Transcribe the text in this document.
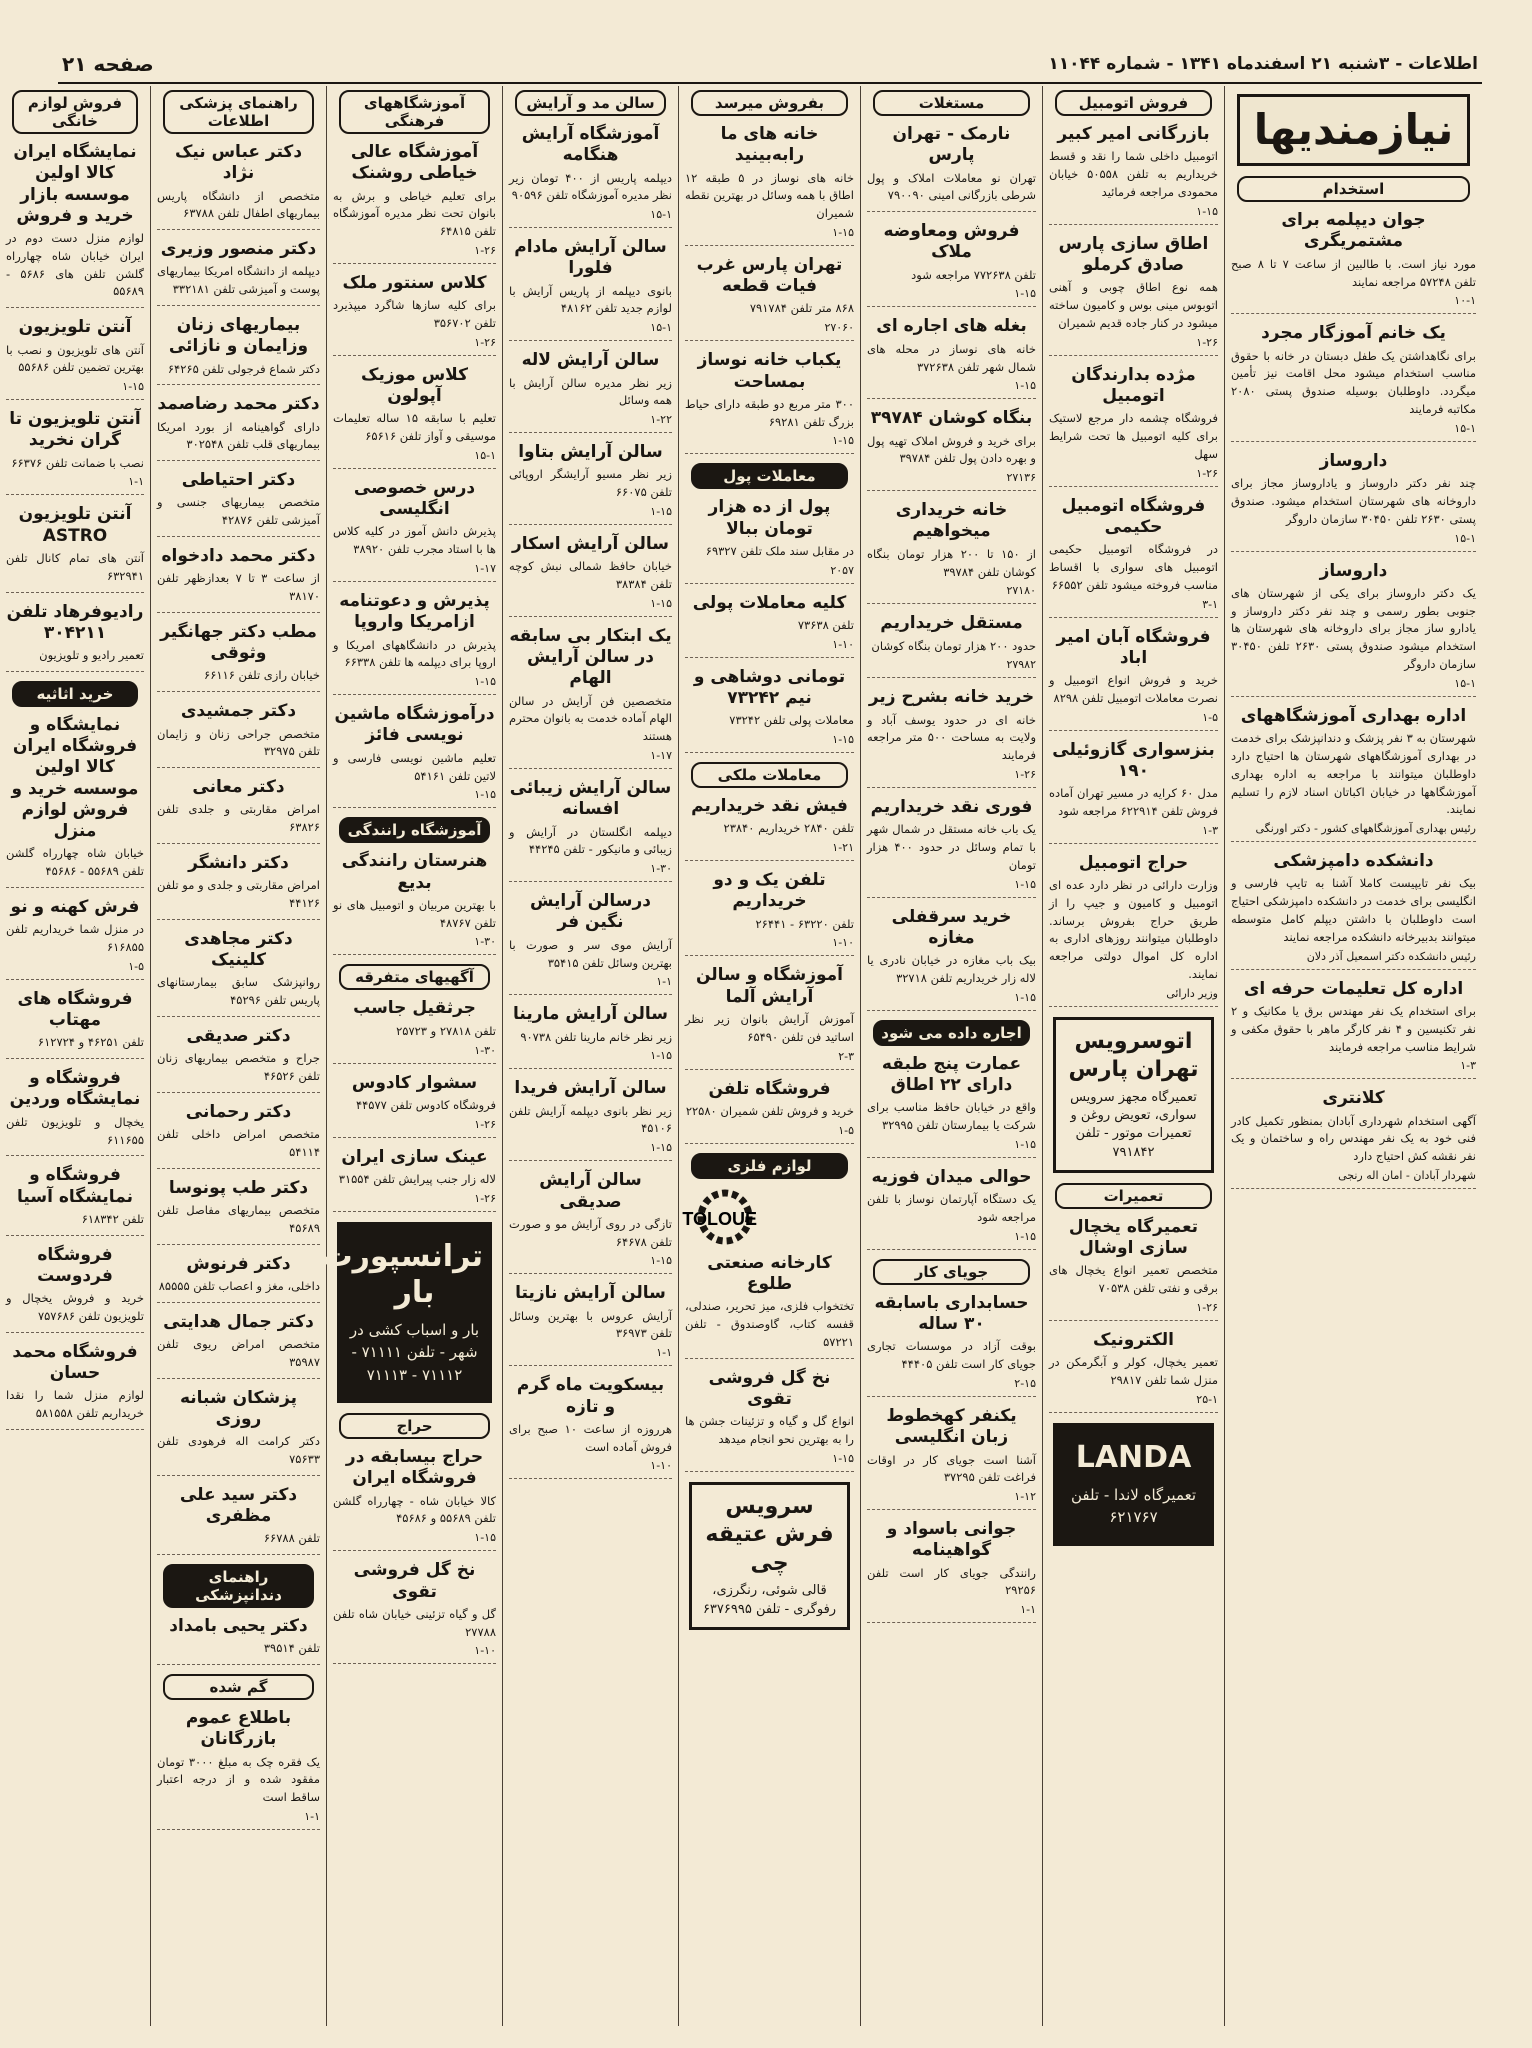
اطلاعات - ۳شنبه ۲۱ اسفندماه ۱۳۴۱ - شماره ۱۱۰۴۴
صفحه ۲۱
نیازمندیها
استخدام
جوان دیپلمه برای مشتمریگری
مورد نیاز است. با طالبین از ساعت ۷ تا ۸ صبح تلفن ۵۷۲۴۸ مراجعه نمایند
۱۰-۱
یک خانم آموزگار مجرد
برای نگاهداشتن یک طفل دبستان در خانه با حقوق مناسب استخدام میشود محل اقامت نیز تأمین میگردد. داوطلبان بوسیله صندوق پستی ۲۰۸۰ مکاتبه فرمایند
۱۵-۱
داروساز
چند نفر دکتر داروساز و یاداروساز مجاز برای داروخانه های شهرستان استخدام میشود. صندوق پستی ۲۶۳۰ تلفن ۳۰۴۵۰ سازمان داروگر
۱۵-۱
داروساز
یک دکتر داروساز برای یکی از شهرستان های جنوبی بطور رسمی و چند نفر دکتر داروساز و یادارو ساز مجاز برای داروخانه های شهرستان ها استخدام میشود صندوق پستی ۲۶۳۰ تلفن ۳۰۴۵۰ سازمان داروگر
۱۵-۱
اداره بهداری آموزشگاههای
شهرستان به ۳ نفر پزشک و دندانپزشک برای خدمت در بهداری آموزشگاههای شهرستان ها احتیاج دارد داوطلبان میتوانند با مراجعه به اداره بهداری آموزشگاهها در خیابان اکباتان اسناد لازم را تسلیم نمایند.
رئیس بهداری آموزشگاههای کشور - دکتر اورنگی
دانشکده دامپزشکی
بیک نفر تایپیست کاملا آشنا به تایپ فارسی و انگلیسی برای خدمت در دانشکده دامپزشکی احتیاج است داوطلبان با داشتن دیپلم کامل متوسطه میتوانند بدبیرخانه دانشکده مراجعه نمایند
رئیس دانشکده دکتر اسمعیل آذر دلان
اداره کل تعلیمات حرفه ای
برای استخدام یک نفر مهندس برق یا مکانیک و ۲ نفر تکنیسین و ۴ نفر کارگر ماهر با حقوق مکفی و شرایط مناسب مراجعه فرمایند
۱-۳
کلانتری
آگهی استخدام شهرداری آبادان بمنظور تکمیل کادر فنی خود به یک نفر مهندس راه و ساختمان و یک نفر نقشه کش احتیاج دارد
شهردار آبادان - امان اله رنجی
فروش اتومبیل
بازرگانی امیر کبیر
اتومبیل داخلی شما را نقد و قسط خریداریم به تلفن ۵۰۵۵۸ خیابان محمودی مراجعه فرمائید
۱-۱۵
اطاق سازی پارس صادق کرملو
همه نوع اطاق چوبی و آهنی اتوبوس مینی بوس و کامیون ساخته میشود در کنار جاده قدیم شمیران
۱-۲۶
مژده بدارندگان اتومبیل
فروشگاه چشمه دار مرجع لاستیک برای کلیه اتومبیل ها تحت شرایط سهل
۱-۲۶
فروشگاه اتومبیل حکیمی
در فروشگاه اتومبیل حکیمی اتومبیل های سواری با اقساط مناسب فروخته میشود تلفن ۶۶۵۵۲
۳-۱
فروشگاه آبان امیر اباد
خرید و فروش انواع اتومبیل و نصرت معاملات اتومبیل تلفن ۸۲۹۸
۱-۵
بنزسواری گازوئیلی ۱۹۰
مدل ۶۰ کرایه در مسیر تهران آماده فروش تلفن ۶۲۲۹۱۴ مراجعه شود
۱-۳
حراج اتومبیل
وزارت دارائی در نظر دارد عده ای اتومبیل و کامیون و جیپ را از طریق حراج بفروش برساند. داوطلبان میتوانند روزهای اداری به اداره کل اموال دولتی مراجعه نمایند.
وزیر دارائی
اتوسرویس تهران پارس
تعمیرگاه مجهز سرویس سواری، تعویض روغن و تعمیرات موتور - تلفن ۷۹۱۸۴۲
تعمیرات
تعمیرگاه یخچال سازی اوشال
متخصص تعمیر انواع یخچال های برقی و نفتی تلفن ۷۰۵۳۸
۱-۲۶
الکترونیک
تعمیر یخچال، کولر و آبگرمکن در منزل شما تلفن ۲۹۸۱۷
۲۵-۱
LANDA
تعمیرگاه لاندا - تلفن ۶۲۱۷۶۷
مستغلات
نارمک - تهران پارس
تهران نو معاملات املاک و پول شرطی بازرگانی امینی ۷۹۰۰۹۰
فروش ومعاوضه ملاک
تلفن ۷۷۲۶۳۸ مراجعه شود
۱-۱۵
بغله های اجاره ای
خانه های نوساز در محله های شمال شهر تلفن ۳۷۲۶۳۸
۱-۱۵
بنگاه کوشان ۳۹۷۸۴
برای خرید و فروش املاک تهیه پول و بهره دادن پول تلفن ۳۹۷۸۴
۲۷۱۳۶
خانه خریداری میخواهیم
از ۱۵۰ تا ۲۰۰ هزار تومان بنگاه کوشان تلفن ۳۹۷۸۴
۲۷۱۸۰
مستقل خریداریم
حدود ۲۰۰ هزار تومان بنگاه کوشان
۲۷۹۸۲
خرید خانه بشرح زیر
خانه ای در حدود یوسف آباد و ولایت به مساحت ۵۰۰ متر مراجعه فرمایند
۱-۲۶
فوری نقد خریداریم
یک باب خانه مستقل در شمال شهر با تمام وسائل در حدود ۴۰۰ هزار تومان
۱-۱۵
خرید سرقفلی مغازه
بیک باب مغازه در خیابان نادری یا لاله زار خریداریم تلفن ۳۲۷۱۸
۱-۱۵
اجاره داده می شود
عمارت پنج طبقه دارای ۲۲ اطاق
واقع در خیابان حافظ مناسب برای شرکت یا بیمارستان تلفن ۳۲۹۹۵
۱-۱۵
حوالی میدان فوزیه
یک دستگاه آپارتمان نوساز با تلفن مراجعه شود
۱-۱۵
جویای کار
حسابداری باسابقه ۳۰ ساله
بوقت آزاد در موسسات تجاری جویای کار است تلفن ۴۴۴۰۵
۲-۱۵
یکنفر کهخطوط زبان انگلیسی
آشنا است جویای کار در اوقات فراغت تلفن ۳۷۲۹۵
۱-۱۲
جوانی باسواد و گواهینامه
رانندگی جویای کار است تلفن ۲۹۲۵۶
۱-۱
بفروش میرسد
خانه های ما رابه‌بینید
خانه های نوساز در ۵ طبقه ۱۲ اطاق با همه وسائل در بهترین نقطه شمیران
۱-۱۵
تهران پارس غرب فیات قطعه
۸۶۸ متر تلفن ۷۹۱۷۸۴
۲۷۰۶۰
یکباب خانه نوساز بمساحت
۳۰۰ متر مربع دو طبقه دارای حیاط بزرگ تلفن ۶۹۲۸۱
۱-۱۵
معاملات پول
پول از ده هزار تومان ببالا
در مقابل سند ملک تلفن ۶۹۳۲۷
۲۰۵۷
کلیه معاملات پولی
تلفن ۷۳۶۳۸
۱-۱۰
تومانی دوشاهی و نیم ۷۳۲۴۲
معاملات پولی تلفن ۷۳۲۴۲
۱-۱۵
معاملات ملکی
فیش نقد خریداریم
تلفن ۲۸۴۰ خریداریم ۲۳۸۴۰
۱-۲۱
تلفن یک و دو خریداریم
تلفن ۶۳۲۲۰ - ۲۶۴۴۱
۱-۱۰
آموزشگاه و سالن آرایش آلما
آموزش آرایش بانوان زیر نظر اساتید فن تلفن ۶۵۴۹۰
۲-۳
فروشگاه تلفن
خرید و فروش تلفن شمیران ۲۲۵۸۰
۱-۵
لوازم فلزی
TOLOUE
کارخانه صنعتی طلوع
تختخواب فلزی، میز تحریر، صندلی، قفسه کتاب، گاوصندوق - تلفن ۵۷۲۲۱
نخ گل فروشی تقوی
انواع گل و گیاه و تزئینات جشن ها را به بهترین نحو انجام میدهد
۱-۱۵
سرویس فرش عتیقه چی
قالی شوئی، رنگرزی، رفوگری - تلفن ۶۳۷۶۹۹۵
سالن مد و آرایش
آموزشگاه آرایش هنگامه
دیپلمه پاریس از ۴۰۰ تومان زیر نظر مدیره آموزشگاه تلفن ۹۰۵۹۶
۱۵-۱
سالن آرایش مادام فلورا
بانوی دیپلمه از پاریس آرایش با لوازم جدید تلفن ۴۸۱۶۲
۱۵-۱
سالن آرایش لاله
زیر نظر مدیره سالن آرایش با همه وسائل
۱-۲۲
سالن آرایش بتاوا
زیر نظر مسیو آرایشگر اروپائی تلفن ۶۶۰۷۵
۱-۱۵
سالن آرایش اسکار
خیابان حافظ شمالی نبش کوچه تلفن ۳۸۳۸۴
۱-۱۵
یک ابتکار بی سابقه در سالن آرایش الهام
متخصصین فن آرایش در سالن الهام آماده خدمت به بانوان محترم هستند
۱-۱۷
سالن آرایش زیبائی افسانه
دیپلمه انگلستان در آرایش و زیبائی و مانیکور - تلفن ۴۴۲۴۵
۱-۳۰
درسالن آرایش نگین فر
آرایش موی سر و صورت با بهترین وسائل تلفن ۳۵۴۱۵
۱-۱
سالن آرایش مارینا
زیر نظر خانم مارینا تلفن ۹۰۷۳۸
۱-۱۵
سالن آرایش فریدا
زیر نظر بانوی دیپلمه آرایش تلفن ۴۵۱۰۶
۱-۱۵
سالن آرایش صدیقی
تازگی در روی آرایش مو و صورت تلفن ۶۴۶۷۸
۱-۱۵
سالن آرایش نازیتا
آرایش عروس با بهترین وسائل تلفن ۳۶۹۷۳
۱-۱
بیسکویت ماه گرم و تازه
هرروزه از ساعت ۱۰ صبح برای فروش آماده است
۱-۱۰
آموزشگاههای فرهنگی
آموزشگاه عالی خیاطی روشنک
برای تعلیم خیاطی و برش به بانوان تحت نظر مدیره آموزشگاه تلفن ۶۴۸۱۵
۱-۲۶
کلاس سنتور ملک
برای کلیه سازها شاگرد میپذیرد تلفن ۳۵۶۷۰۲
۱-۲۶
کلاس موزیک آپولون
تعلیم با سابقه ۱۵ ساله تعلیمات موسیقی و آواز تلفن ۶۵۶۱۶
۱۵-۱
درس خصوصی انگلیسی
پذیرش دانش آموز در کلیه کلاس ها با استاد مجرب تلفن ۳۸۹۲۰
۱-۱۷
پذیرش و دعوتنامه ازامریکا واروپا
پذیرش در دانشگاههای امریکا و اروپا برای دیپلمه ها تلفن ۶۶۳۳۸
۱-۱۵
درآموزشگاه ماشین نویسی فائز
تعلیم ماشین نویسی فارسی و لاتین تلفن ۵۴۱۶۱
۱-۱۵
آموزشگاه رانندگی
هنرستان رانندگی بدیع
با بهترین مربیان و اتومبیل های نو تلفن ۴۸۷۶۷
۱-۳۰
آگهیهای متفرقه
جرثقیل جاسب
تلفن ۲۷۸۱۸ و ۲۵۷۲۳
۱-۳۰
سشوار کادوس
فروشگاه کادوس تلفن ۴۴۵۷۷
۱-۲۶
عینک سازی ایران
لاله زار جنب پیرایش تلفن ۳۱۵۵۴
۱-۲۶
ترانسپورت بار
بار و اسباب کشی در شهر - تلفن ۷۱۱۱۱ - ۷۱۱۱۲ - ۷۱۱۱۳
حراج
حراج بیسابقه در فروشگاه ایران
کالا خیابان شاه - چهارراه گلشن تلفن ۵۵۶۸۹ و ۴۵۶۸۶
۱-۱۵
نخ گل فروشی تقوی
گل و گیاه تزئینی خیابان شاه تلفن ۲۷۷۸۸
۱-۱۰
راهنمای پزشکی اطلاعات
دکتر عباس نیک نژاد
متخصص از دانشگاه پاریس بیماریهای اطفال تلفن ۶۳۷۸۸
دکتر منصور وزیری
دیپلمه از دانشگاه امریکا بیماریهای پوست و آمیزشی تلفن ۳۳۲۱۸۱
بیماریهای زنان وزایمان و نازائی
دکتر شماع فرجولی تلفن ۶۴۲۶۵
دکتر محمد رضاصمد
دارای گواهینامه از بورد امریکا بیماریهای قلب تلفن ۳۰۲۵۴۸
دکتر احتیاطی
متخصص بیماریهای جنسی و آمیزشی تلفن ۴۲۸۷۶
دکتر محمد دادخواه
از ساعت ۳ تا ۷ بعدازظهر تلفن ۳۸۱۷۰
مطب دکتر جهانگیر وثوقی
خیابان رازی تلفن ۶۶۱۱۶
دکتر جمشیدی
متخصص جراحی زنان و زایمان تلفن ۳۲۹۷۵
دکتر معانی
امراض مقاربتی و جلدی تلفن ۶۳۸۲۶
دکتر دانشگر
امراض مقاربتی و جلدی و مو تلفن ۴۴۱۲۶
دکتر مجاهدی کلینیک
روانپزشک سابق بیمارستانهای پاریس تلفن ۴۵۲۹۶
دکتر صدیقی
جراح و متخصص بیماریهای زنان تلفن ۴۶۵۲۶
دکتر رحمانی
متخصص امراض داخلی تلفن ۵۴۱۱۴
دکتر طب پونوسا
متخصص بیماریهای مفاصل تلفن ۴۵۶۸۹
دکتر فرنوش
داخلی، مغز و اعصاب تلفن ۸۵۵۵۵
دکتر جمال هدایتی
متخصص امراض ریوی تلفن ۳۵۹۸۷
پزشکان شبانه روزی
دکتر کرامت اله فرهودی تلفن ۷۵۶۳۳
دکتر سید علی مظفری
تلفن ۶۶۷۸۸
راهنمای دندانپزشکی
دکتر یحیی بامداد
تلفن ۳۹۵۱۴
گم شده
باطلاع عموم بازرگانان
یک فقره چک به مبلغ ۳۰۰۰ تومان مفقود شده و از درجه اعتبار ساقط است
۱-۱
فروش لوازم خانگی
نمایشگاه ایران کالا اولین موسسه بازار خرید و فروش
لوازم منزل دست دوم در ایران خیابان شاه چهارراه گلشن تلفن های ۵۶۸۶ - ۵۵۶۸۹
آنتن تلویزیون
آنتن های تلویزیون و نصب با بهترین تضمین تلفن ۵۵۶۸۶
۱-۱۵
آنتن تلویزیون تا گران نخرید
نصب با ضمانت تلفن ۶۶۳۷۶
۱-۱
آنتن تلویزیون ASTRO
آنتن های تمام کانال تلفن ۶۳۲۹۴۱
رادیوفرهاد تلفن ۳۰۴۲۱۱
تعمیر رادیو و تلویزیون
خرید اثاثیه
نمایشگاه و فروشگاه ایران کالا اولین موسسه خرید و فروش لوازم منزل
خیابان شاه چهارراه گلشن تلفن ۵۵۶۸۹ - ۴۵۶۸۶
فرش کهنه و نو
در منزل شما خریداریم تلفن ۶۱۶۸۵۵
۱-۵
فروشگاه های مهتاب
تلفن ۴۶۲۵۱ و ۶۱۲۷۲۴
فروشگاه و نمایشگاه وردین
یخچال و تلویزیون تلفن ۶۱۱۶۵۵
فروشگاه و نمایشگاه آسیا
تلفن ۶۱۸۳۴۲
فروشگاه فردوست
خرید و فروش یخچال و تلویزیون تلفن ۷۵۷۶۸۶
فروشگاه محمد حسان
لوازم منزل شما را نقدا خریداریم تلفن ۵۸۱۵۵۸
